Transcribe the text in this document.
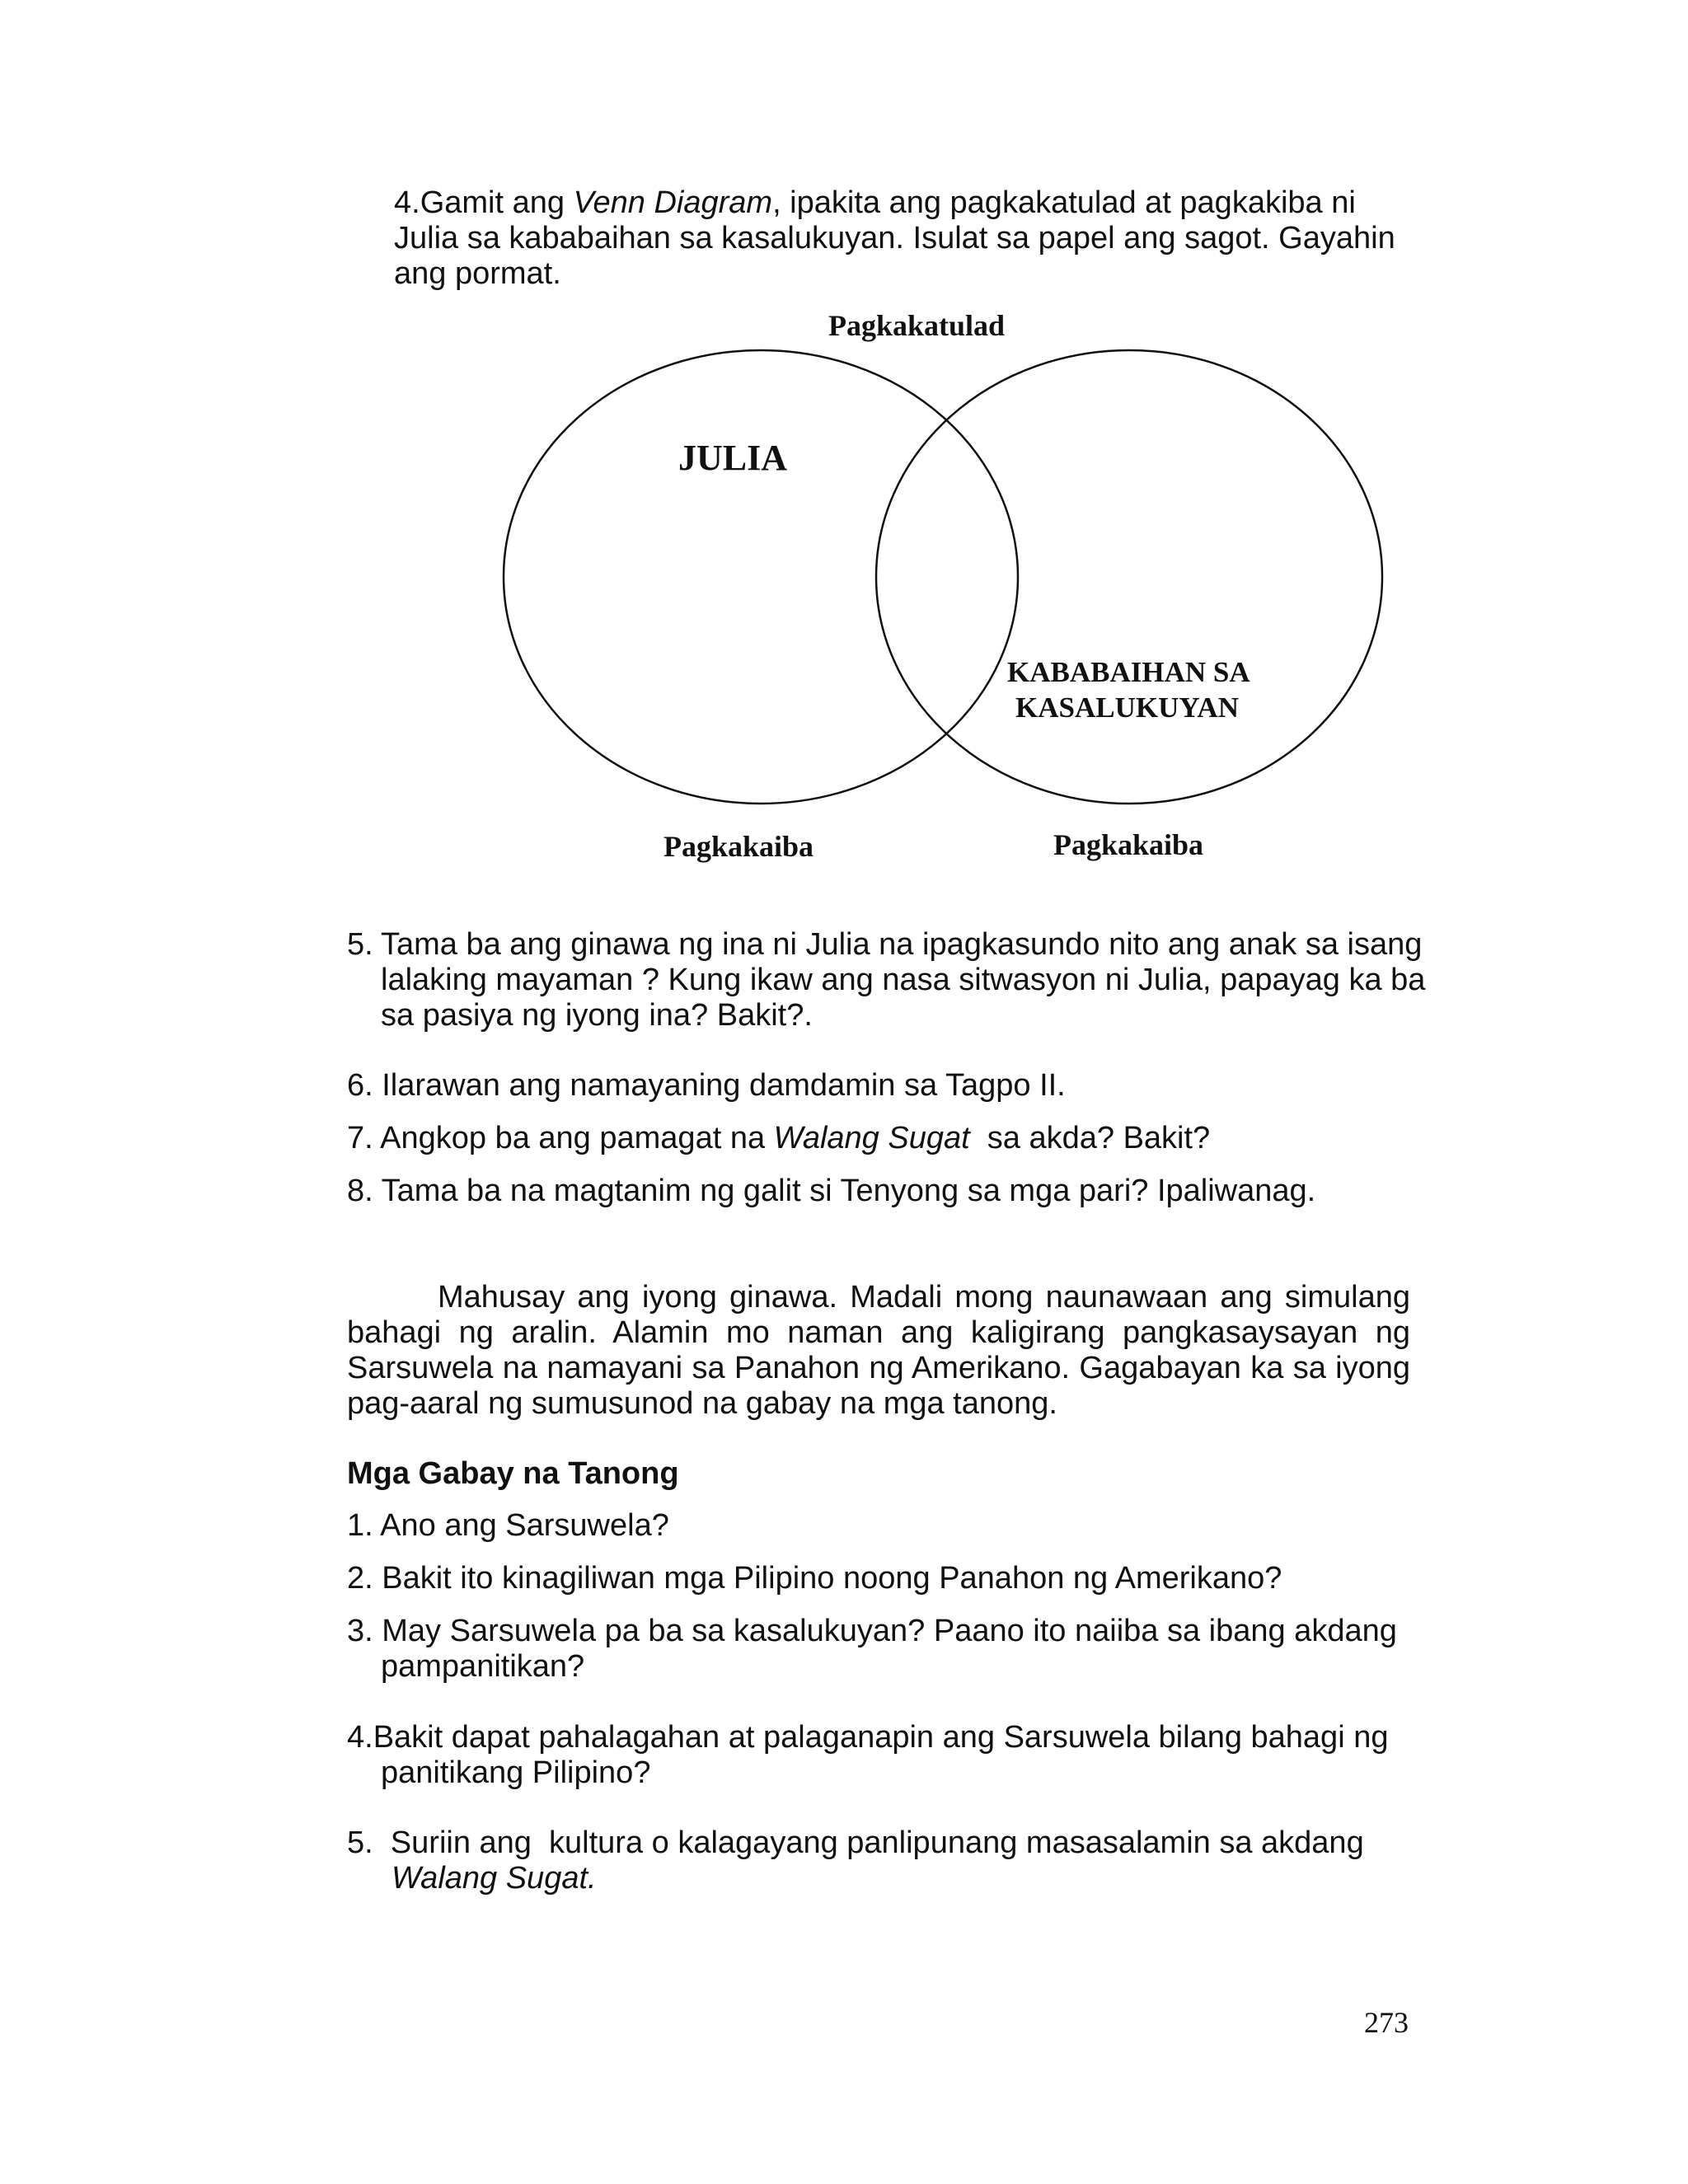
4.Gamit ang Venn Diagram, ipakita ang pagkakatulad at pagkakiba ni Julia sa kababaihan sa kasalukuyan. Isulat sa papel ang sagot. Gayahin ang pormat.
Pagkakatulad
JULIA
KABABAIHAN SA
KASALUKUYAN
Pagkakaiba	Pagkakaiba
5. Tama ba ang ginawa ng ina ni Julia na ipagkasundo nito ang anak sa isang
lalaking mayaman ? Kung ikaw ang nasa sitwasyon ni Julia, papayag ka ba
sa pasiya ng iyong ina? Bakit?.
6. Ilarawan ang namayaning damdamin sa Tagpo II.
7. Angkop ba ang pamagat na Walang Sugat  sa akda? Bakit?
8. Tama ba na magtanim ng galit si Tenyong sa mga pari? Ipaliwanag.
Mahusay ang iyong ginawa. Madali mong naunawaan ang simulang bahagi ng aralin. Alamin mo naman ang kaligirang pangkasaysayan ng Sarsuwela na namayani sa Panahon ng Amerikano. Gagabayan ka sa iyong pag-aaral ng sumusunod na gabay na mga tanong.
Mga Gabay na Tanong
1. Ano ang Sarsuwela?
2. Bakit ito kinagiliwan mga Pilipino noong Panahon ng Amerikano?
3. May Sarsuwela pa ba sa kasalukuyan? Paano ito naiiba sa ibang akdang
pampanitikan?
4.Bakit dapat pahalagahan at palaganapin ang Sarsuwela bilang bahagi ng
panitikang Pilipino?
5.  Suriin ang  kultura o kalagayang panlipunang masasalamin sa akdang
Walang Sugat.
273
